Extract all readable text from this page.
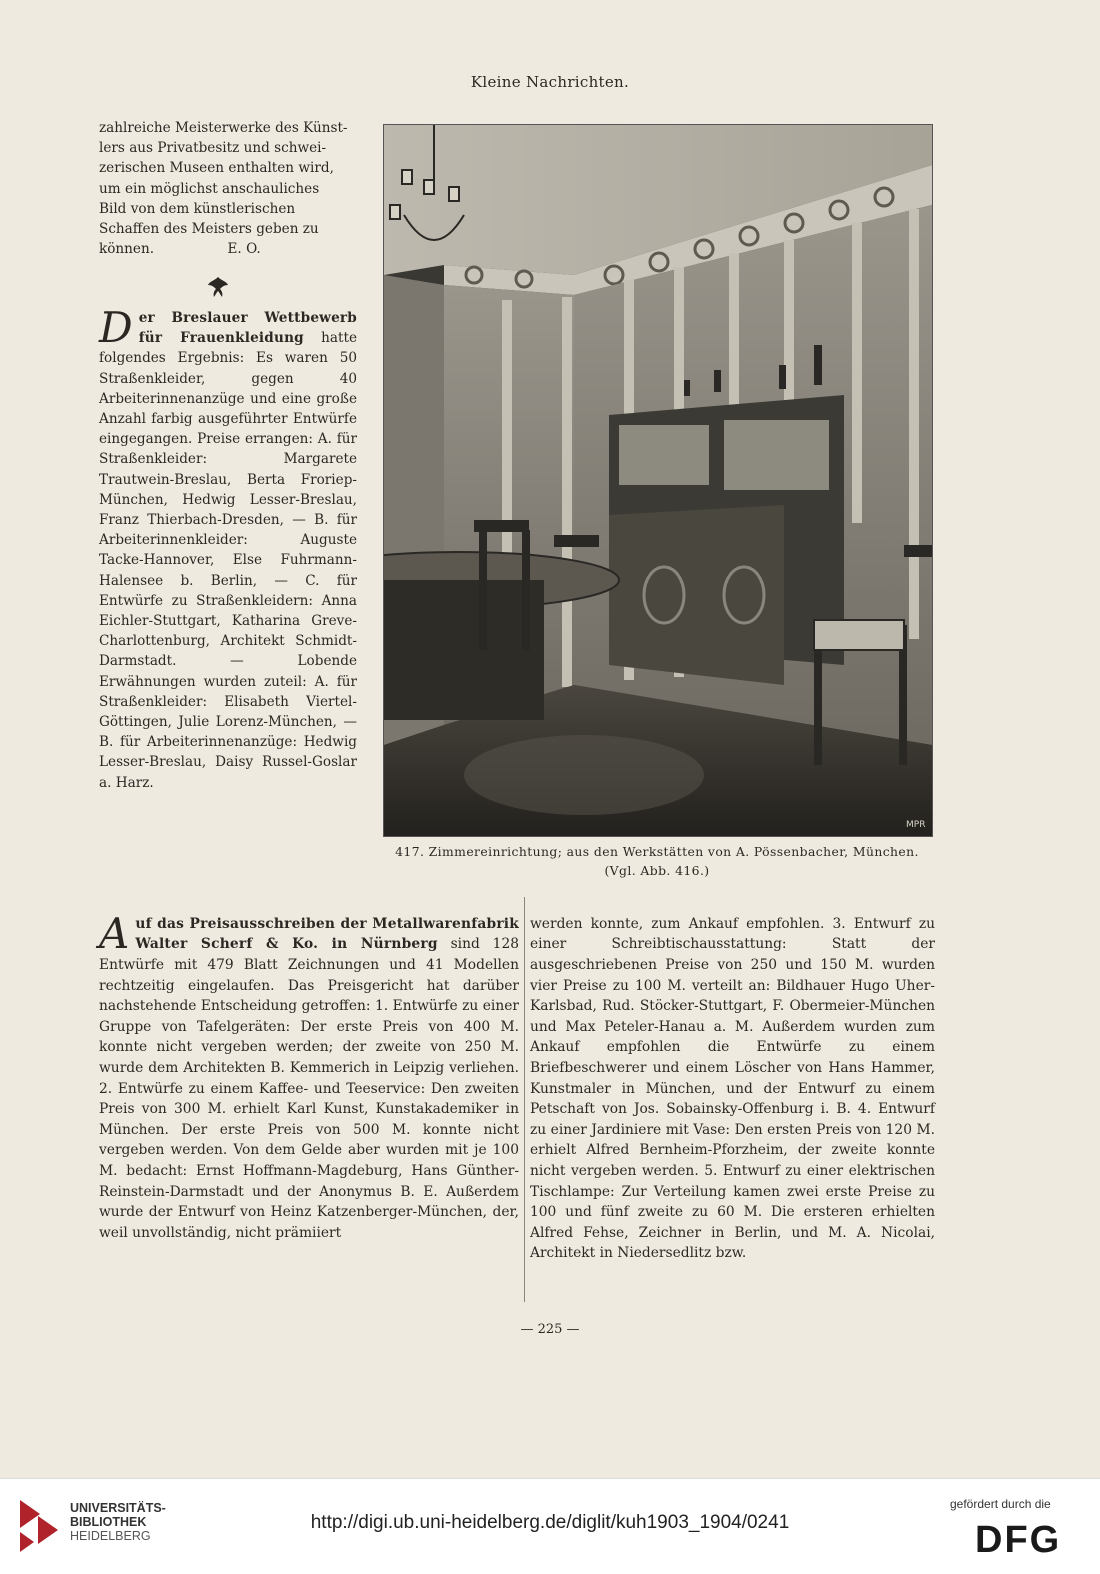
Kleine Nachrichten.

zahlreiche Meisterwerke des Künst-

lers aus Privatbesitz und schwei-

zerischen Museen enthalten wird,

um ein möglichst anschauliches

Bild von dem künstlerischen

Schaffen des Meisters geben zu

können.                 E. O.

D er Breslauer Wettbewerb für Frauenkleidung hatte folgendes Ergebnis: Es waren 50 Straßenkleider, gegen 40 Arbeiterinnenanzüge und eine große Anzahl farbig ausgeführter Entwürfe eingegangen. Preise errangen: A. für Straßenkleider: Margarete Trautwein-Breslau, Berta Froriep-München, Hedwig Lesser-Breslau, Franz Thierbach-Dresden, — B. für Arbeiterinnenkleider: Auguste Tacke-Hannover, Else Fuhrmann-Halensee b. Berlin, — C. für Entwürfe zu Straßenkleidern: Anna Eichler-Stuttgart, Katharina Greve-Charlottenburg, Architekt Schmidt-Darmstadt. — Lobende Erwähnungen wurden zuteil: A. für Straßenkleider: Elisabeth Viertel-Göttingen, Julie Lorenz-München, — B. für Arbeiterinnenanzüge: Hedwig Lesser-Breslau, Daisy Russel-Goslar a. Harz.

MPR
417. Zimmereinrichtung; aus den Werkstätten von A. Pössenbacher, München.
(Vgl. Abb. 416.)

A uf das Preisausschreiben der Metallwarenfabrik Walter Scherf & Ko. in Nürnberg sind 128 Entwürfe mit 479 Blatt Zeichnungen und 41 Modellen rechtzeitig eingelaufen. Das Preisgericht hat darüber nachstehende Entscheidung getroffen: 1. Entwürfe zu einer Gruppe von Tafelgeräten: Der erste Preis von 400 M. konnte nicht vergeben werden; der zweite von 250 M. wurde dem Architekten B. Kemmerich in Leipzig verliehen. 2. Entwürfe zu einem Kaffee- und Teeservice: Den zweiten Preis von 300 M. erhielt Karl Kunst, Kunstakademiker in München. Der erste Preis von 500 M. konnte nicht vergeben werden. Von dem Gelde aber wurden mit je 100 M. bedacht: Ernst Hoffmann-Magdeburg, Hans Günther-Reinstein-Darmstadt und der Anonymus B. E. Außerdem wurde der Entwurf von Heinz Katzenberger-München, der, weil unvollständig, nicht prämiiert

werden konnte, zum Ankauf empfohlen. 3. Entwurf zu einer Schreibtischausstattung: Statt der ausgeschriebenen Preise von 250 und 150 M. wurden vier Preise zu 100 M. verteilt an: Bildhauer Hugo Uher-Karlsbad, Rud. Stöcker-Stuttgart, F. Obermeier-München und Max Peteler-Hanau a. M. Außerdem wurden zum Ankauf empfohlen die Entwürfe zu einem Briefbeschwerer und einem Löscher von Hans Hammer, Kunstmaler in München, und der Entwurf zu einem Petschaft von Jos. Sobainsky-Offenburg i. B. 4. Entwurf zu einer Jardiniere mit Vase: Den ersten Preis von 120 M. erhielt Alfred Bernheim-Pforzheim, der zweite konnte nicht vergeben werden. 5. Entwurf zu einer elektrischen Tischlampe: Zur Verteilung kamen zwei erste Preise zu 100 und fünf zweite zu 60 M. Die ersteren erhielten Alfred Fehse, Zeichner in Berlin, und M. A. Nicolai, Architekt in Niedersedlitz bzw.

— 225 —
UNIVERSITÄTS-
BIBLIOTHEK
HEIDELBERG
http://digi.ub.uni-heidelberg.de/diglit/kuh1903_1904/0241
gefördert durch die
DFG
